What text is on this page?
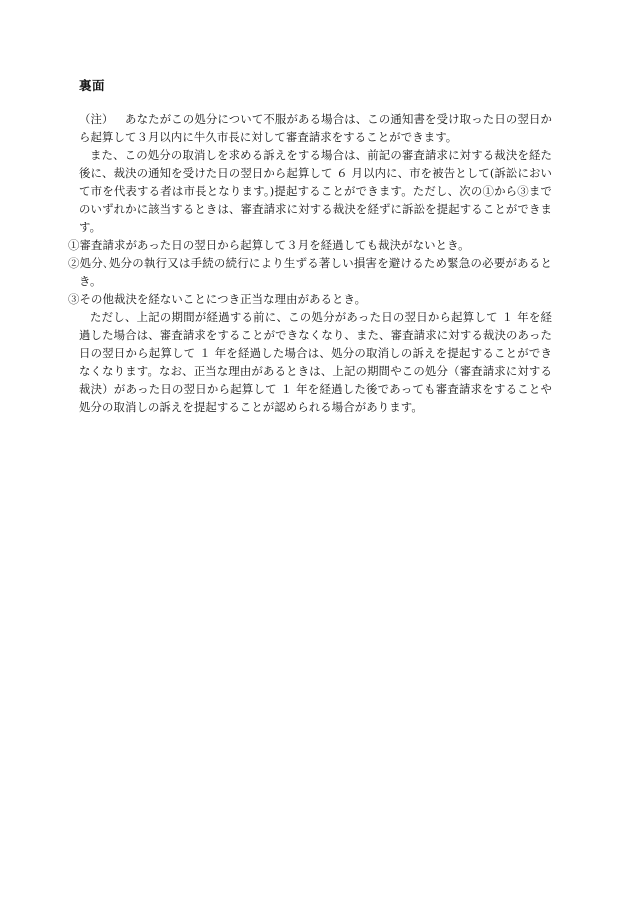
裏面

（注） あなたがこの処分について不服がある場合は、この通知書を受け取った日の翌日から起算して３月以内に牛久市長に対して審査請求をすることができます。

また、この処分の取消しを求める訴えをする場合は、前記の審査請求に対する裁決を経た後に、裁決の通知を受けた日の翌日から起算して ６ 月以内に、市を被告として(訴訟において市を代表する者は市長となります。)提起することができます。ただし、次の①から③までのいずれかに該当するときは、審査請求に対する裁決を経ずに訴訟を提起することができます。

①審査請求があった日の翌日から起算して３月を経過しても裁決がないとき。

②処分､処分の執行又は手続の続行により生ずる著しい損害を避けるため緊急の必要があるとき。

③その他裁決を経ないことにつき正当な理由があるとき。

ただし、上記の期間が経過する前に、この処分があった日の翌日から起算して １ 年を経過した場合は、審査請求をすることができなくなり、また、審査請求に対する裁決のあった日の翌日から起算して １ 年を経過した場合は、処分の取消しの訴えを提起することができなくなります。なお、正当な理由があるときは、上記の期間やこの処分（審査請求に対する裁決）があった日の翌日から起算して １ 年を経過した後であっても審査請求をすることや処分の取消しの訴えを提起することが認められる場合があります。
